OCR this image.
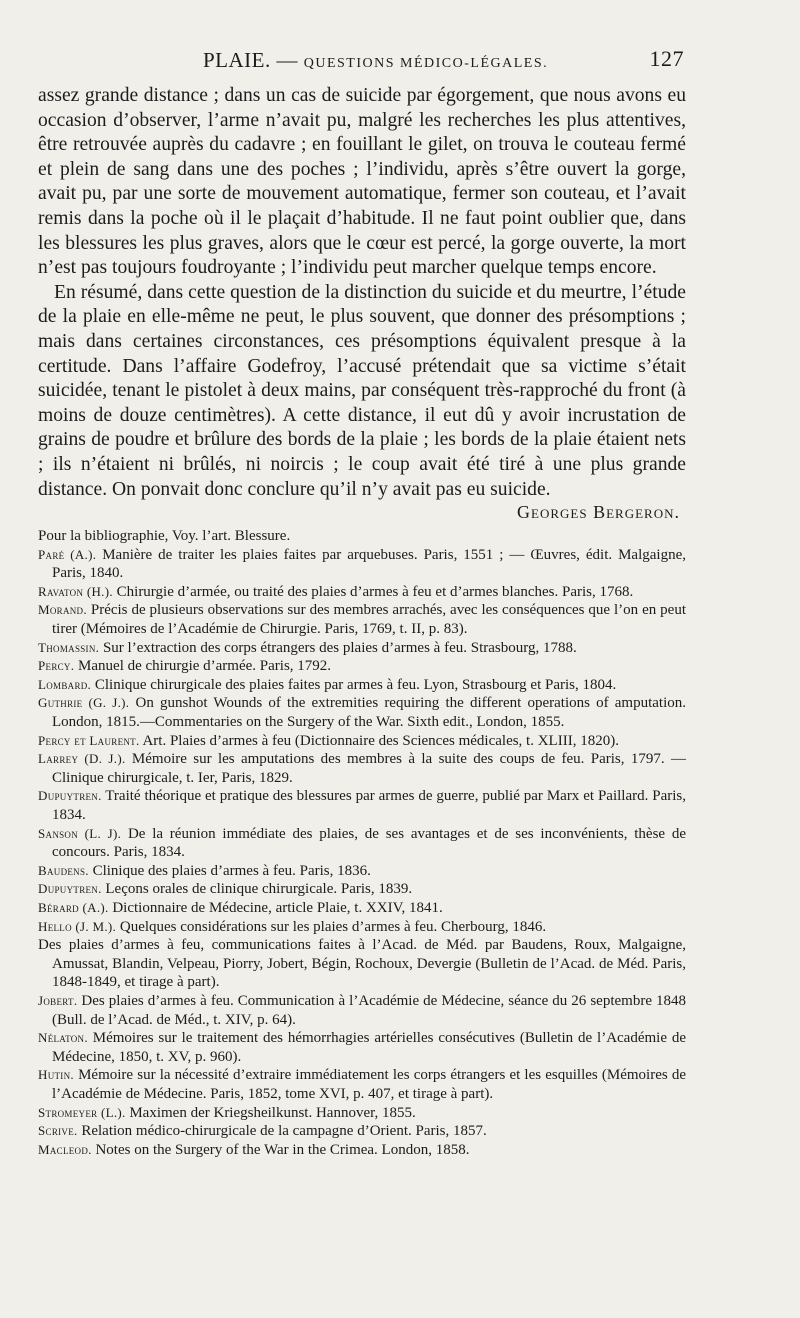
PLAIE. — QUESTIONS MÉDICO-LÉGALES.	127

assez grande distance ; dans un cas de suicide par égorgement, que nous avons eu occasion d’observer, l’arme n’avait pu, malgré les recherches les plus attentives, être retrouvée auprès du cadavre ; en fouillant le gilet, on trouva le couteau fermé et plein de sang dans une des poches ; l’individu, après s’être ouvert la gorge, avait pu, par une sorte de mouvement automatique, fermer son couteau, et l’avait remis dans la poche où il le plaçait d’habitude. Il ne faut point oublier que, dans les blessures les plus graves, alors que le cœur est percé, la gorge ouverte, la mort n’est pas toujours foudroyante ; l’individu peut marcher quelque temps encore.

En résumé, dans cette question de la distinction du suicide et du meurtre, l’étude de la plaie en elle-même ne peut, le plus souvent, que donner des présomptions ; mais dans certaines circonstances, ces présomptions équivalent presque à la certitude. Dans l’affaire Godefroy, l’accusé prétendait que sa victime s’était suicidée, tenant le pistolet à deux mains, par conséquent très-rapproché du front (à moins de douze centimètres). A cette distance, il eut dû y avoir incrustation de grains de poudre et brûlure des bords de la plaie ; les bords de la plaie étaient nets ; ils n’étaient ni brûlés, ni noircis ; le coup avait été tiré à une plus grande distance. On ponvait donc conclure qu’il n’y avait pas eu suicide.

Georges Bergeron.

Pour la bibliographie, Voy. l’art. Blessure.

Paré (A.). Manière de traiter les plaies faites par arquebuses. Paris, 1551 ; — Œuvres, édit. Malgaigne, Paris, 1840.

Ravaton (H.). Chirurgie d’armée, ou traité des plaies d’armes à feu et d’armes blanches. Paris, 1768.

Morand. Précis de plusieurs observations sur des membres arrachés, avec les conséquences que l’on en peut tirer (Mémoires de l’Académie de Chirurgie. Paris, 1769, t. II, p. 83).

Thomassin. Sur l’extraction des corps étrangers des plaies d’armes à feu. Strasbourg, 1788.

Percy. Manuel de chirurgie d’armée. Paris, 1792.

Lombard. Clinique chirurgicale des plaies faites par armes à feu. Lyon, Strasbourg et Paris, 1804.

Guthrie (G. J.). On gunshot Wounds of the extremities requiring the different operations of amputation. London, 1815.—Commentaries on the Surgery of the War. Sixth edit., London, 1855.

Percy et Laurent. Art. Plaies d’armes à feu (Dictionnaire des Sciences médicales, t. XLIII, 1820).

Larrey (D. J.). Mémoire sur les amputations des membres à la suite des coups de feu. Paris, 1797. — Clinique chirurgicale, t. Ier, Paris, 1829.

Dupuytren. Traité théorique et pratique des blessures par armes de guerre, publié par Marx et Paillard. Paris, 1834.

Sanson (L. J). De la réunion immédiate des plaies, de ses avantages et de ses inconvénients, thèse de concours. Paris, 1834.

Baudens. Clinique des plaies d’armes à feu. Paris, 1836.

Dupuytren. Leçons orales de clinique chirurgicale. Paris, 1839.

Bérard (A.). Dictionnaire de Médecine, article Plaie, t. XXIV, 1841.

Hello (J. M.). Quelques considérations sur les plaies d’armes à feu. Cherbourg, 1846.

Des plaies d’armes à feu, communications faites à l’Acad. de Méd. par Baudens, Roux, Malgaigne, Amussat, Blandin, Velpeau, Piorry, Jobert, Bégin, Rochoux, Devergie (Bulletin de l’Acad. de Méd. Paris, 1848-1849, et tirage à part).

Jobert. Des plaies d’armes à feu. Communication à l’Académie de Médecine, séance du 26 septembre 1848 (Bull. de l’Acad. de Méd., t. XIV, p. 64).

Nélaton. Mémoires sur le traitement des hémorrhagies artérielles consécutives (Bulletin de l’Académie de Médecine, 1850, t. XV, p. 960).

Hutin. Mémoire sur la nécessité d’extraire immédiatement les corps étrangers et les esquilles (Mémoires de l’Académie de Médecine. Paris, 1852, tome XVI, p. 407, et tirage à part).

Stromeyer (L.). Maximen der Kriegsheilkunst. Hannover, 1855.

Scrive. Relation médico-chirurgicale de la campagne d’Orient. Paris, 1857.

Macleod. Notes on the Surgery of the War in the Crimea. London, 1858.
